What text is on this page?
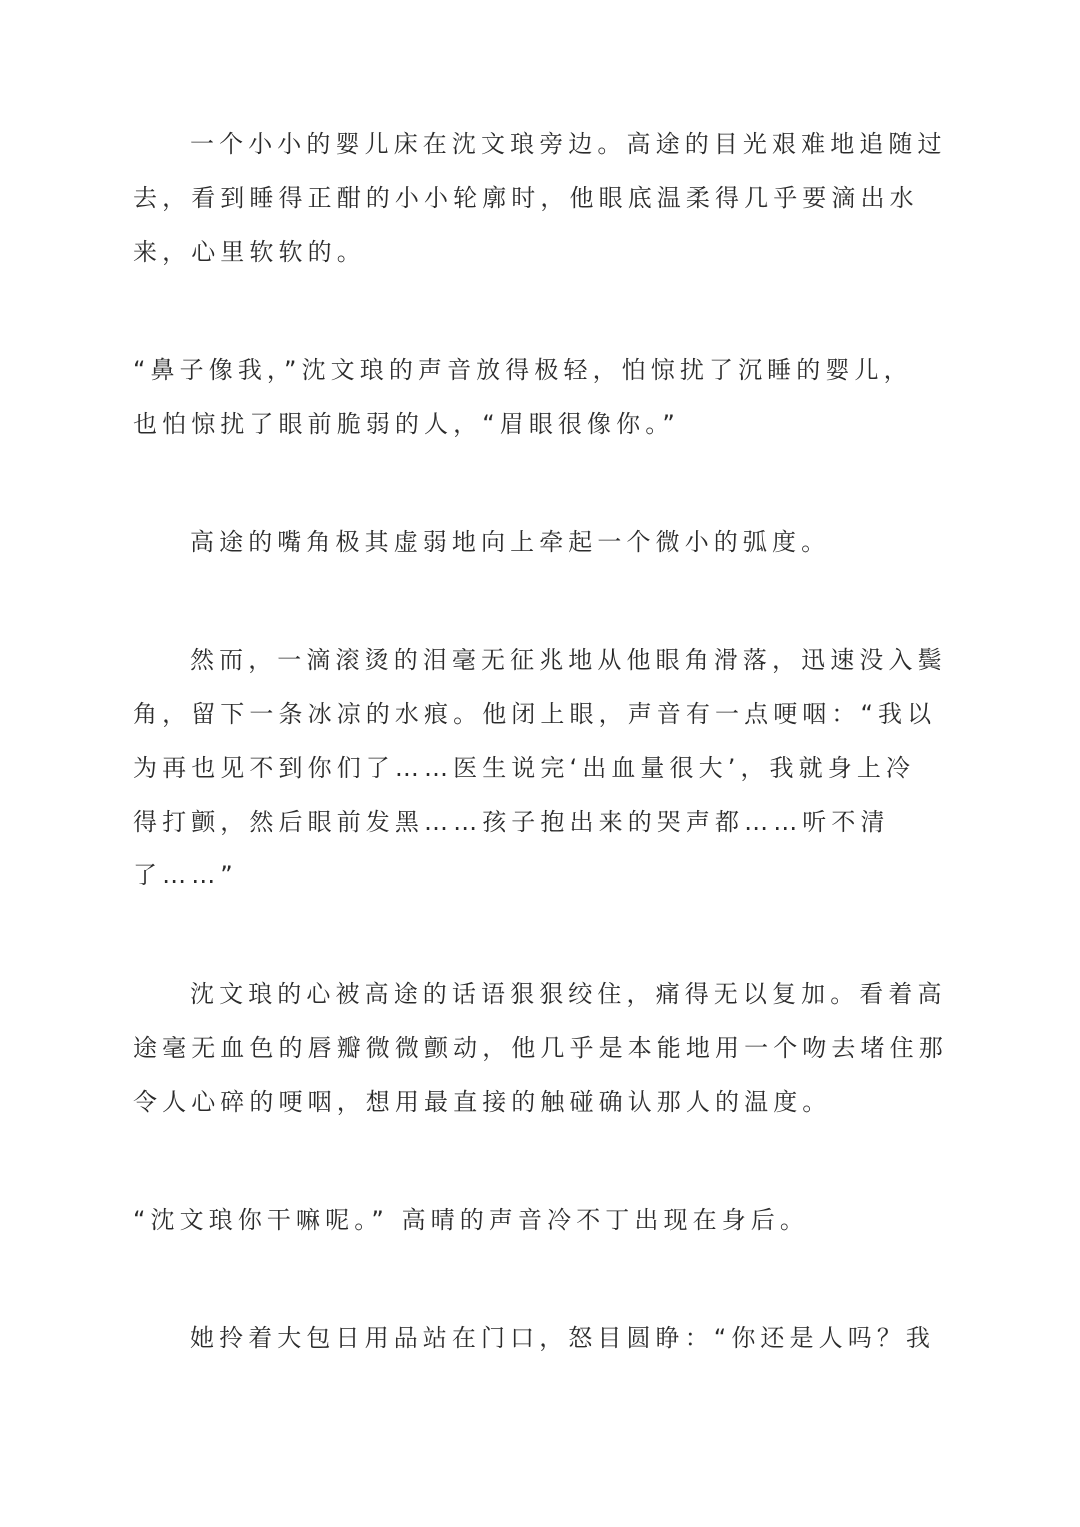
一个小小的婴儿床在沈文琅旁边。高途的目光艰难地追随过

去，看到睡得正酣的小小轮廓时，他眼底温柔得几乎要滴出水

来，心里软软的。

“鼻子像我，”沈文琅的声音放得极轻，怕惊扰了沉睡的婴儿，

也怕惊扰了眼前脆弱的人，“眉眼很像你。”

高途的嘴角极其虚弱地向上牵起一个微小的弧度。

然而，一滴滚烫的泪毫无征兆地从他眼角滑落，迅速没入鬓

角，留下一条冰凉的水痕。他闭上眼，声音有一点哽咽：“我以

为再也见不到你们了……医生说完‘出血量很大’，我就身上冷

得打颤，然后眼前发黑……孩子抱出来的哭声都……听不清

了……”

沈文琅的心被高途的话语狠狠绞住，痛得无以复加。看着高

途毫无血色的唇瓣微微颤动，他几乎是本能地用一个吻去堵住那

令人心碎的哽咽，想用最直接的触碰确认那人的温度。

“沈文琅你干嘛呢。” 高晴的声音冷不丁出现在身后。

她拎着大包日用品站在门口，怒目圆睁：“你还是人吗？我
